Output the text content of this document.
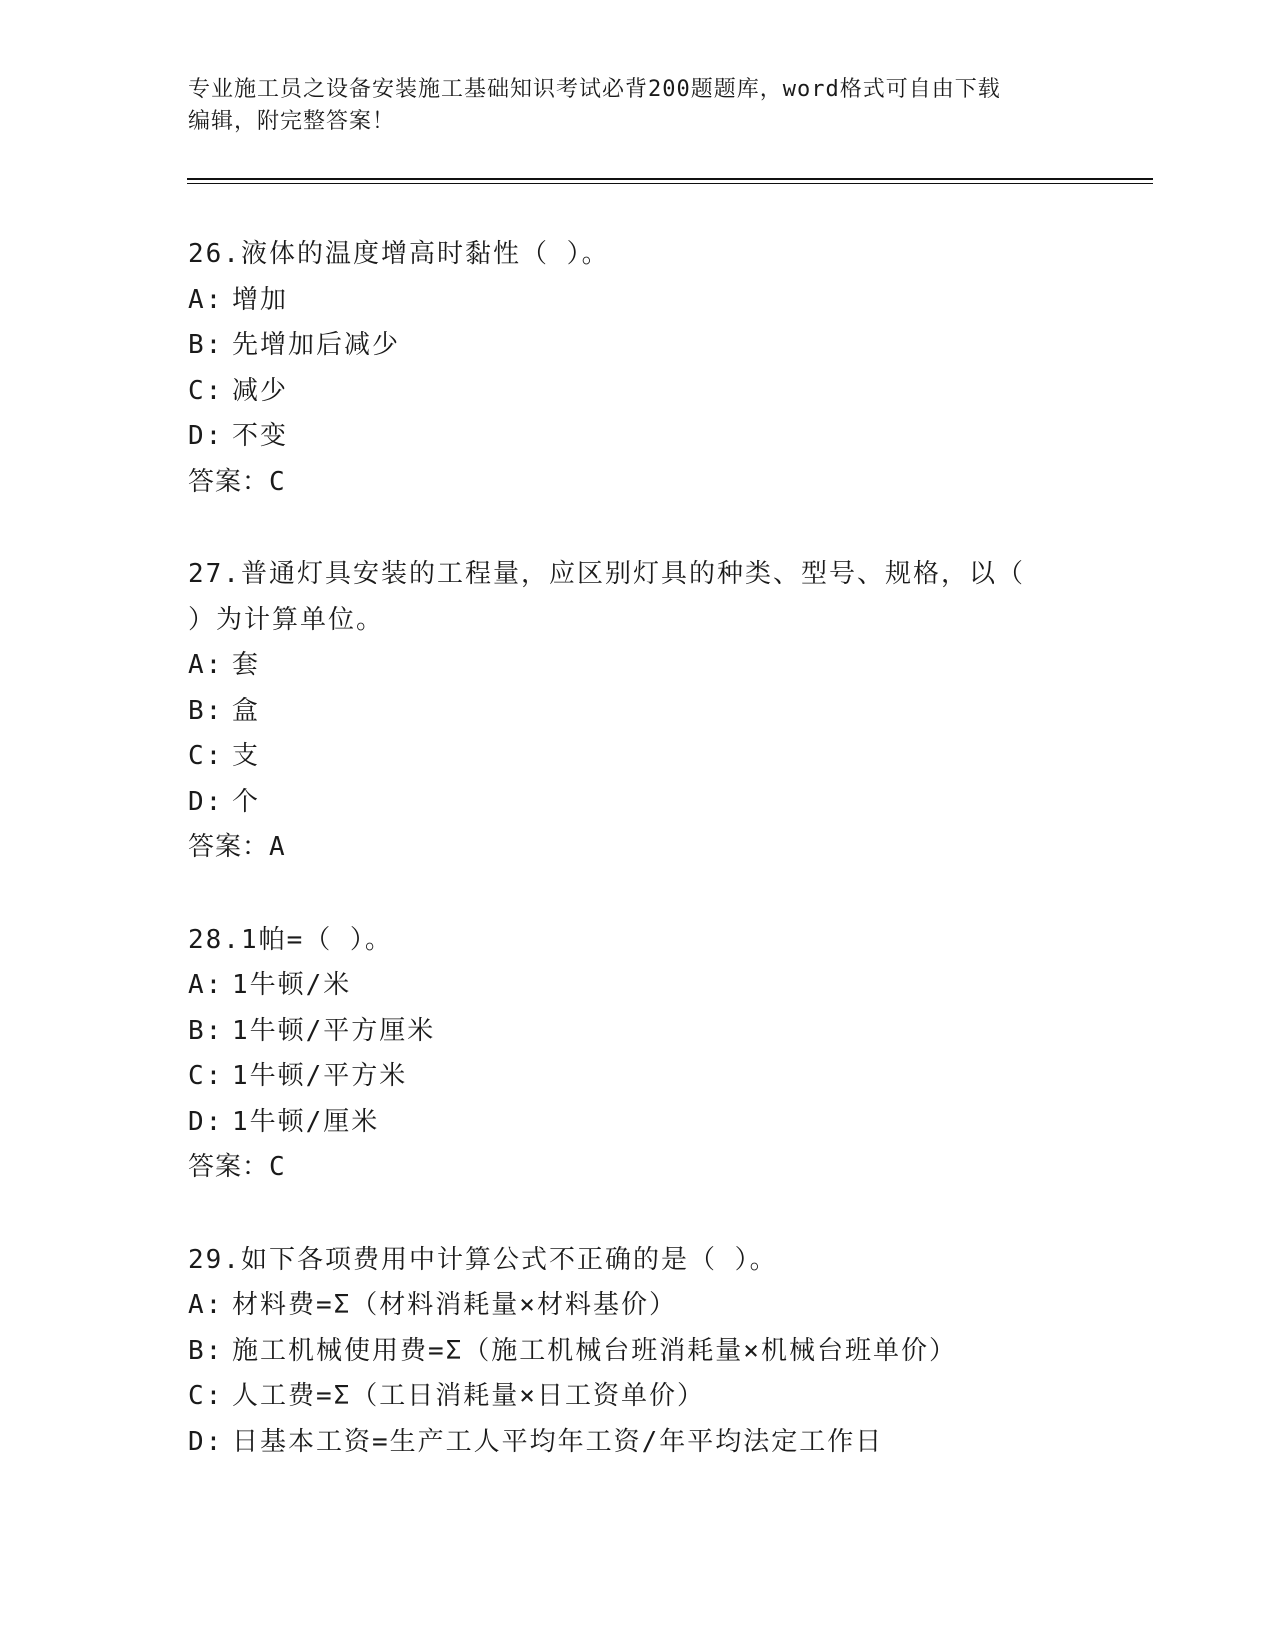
专业施工员之设备安装施工基础知识考试必背200题题库，word格式可自由下载
编辑，附完整答案！
26.液体的温度增高时黏性（ ）。
A: 增加
B: 先增加后减少
C: 减少
D: 不变
答案：C
27.普通灯具安装的工程量，应区别灯具的种类、型号、规格，以（
）为计算单位。
A: 套
B: 盒
C: 支
D: 个
答案：A
28.1帕=（ ）。
A: 1牛顿/米
B: 1牛顿/平方厘米
C: 1牛顿/平方米
D: 1牛顿/厘米
答案：C
29.如下各项费用中计算公式不正确的是（ ）。
A: 材料费=Σ（材料消耗量×材料基价）
B: 施工机械使用费=Σ（施工机械台班消耗量×机械台班单价）
C: 人工费=Σ（工日消耗量×日工资单价）
D: 日基本工资=生产工人平均年工资/年平均法定工作日
